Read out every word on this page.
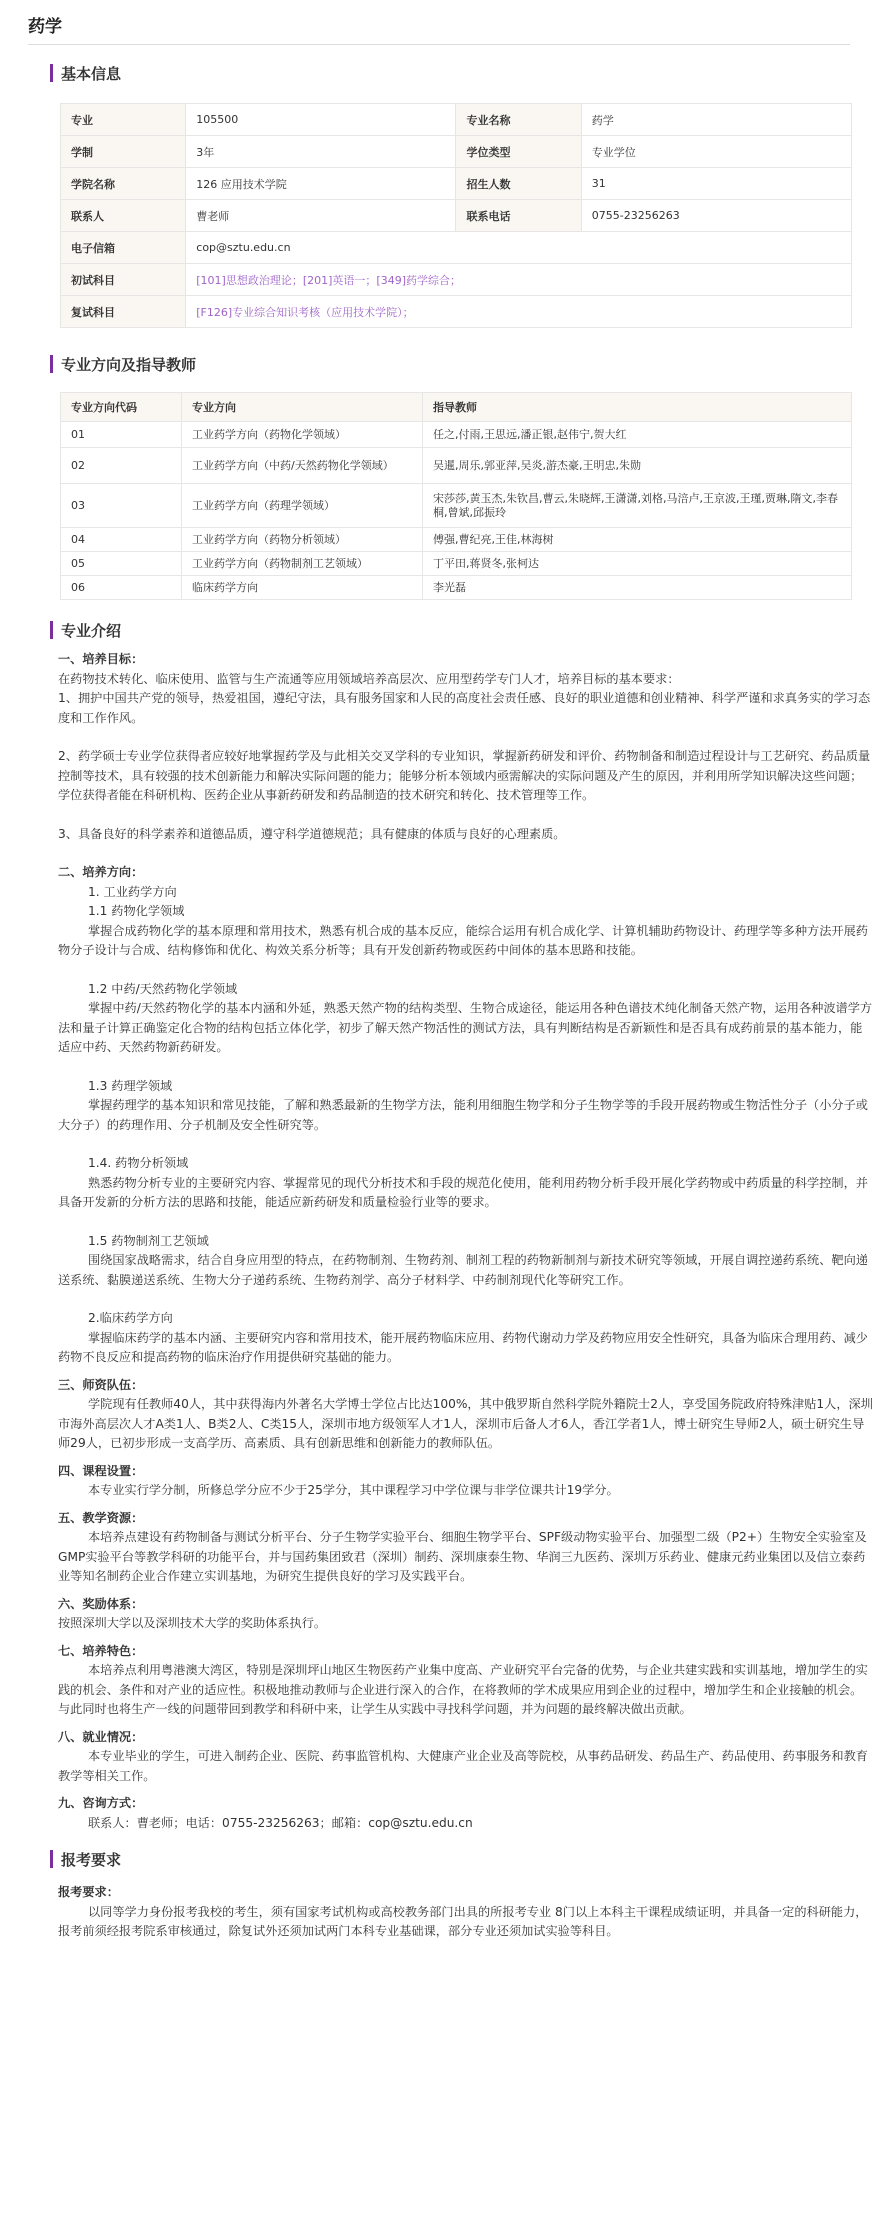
药学
基本信息
专业	105500	专业名称	药学
学制	3年	学位类型	专业学位
学院名称	126 应用技术学院	招生人数	31
联系人	曹老师	联系电话	0755-23256263
电子信箱	cop@sztu.edu.cn		
初试科目	[101]思想政治理论；[201]英语一；[349]药学综合；		
复试科目	[F126]专业综合知识考核（应用技术学院）；		
专业方向及指导教师
专业方向代码	专业方向	指导教师
01	工业药学方向（药物化学领域）	任之,付雨,王思远,潘正银,赵伟宁,贺大红
02	工业药学方向（中药/天然药物化学领域）	吴暹,周乐,郭亚萍,吴炎,游杰豪,王明忠,朱勋
03	工业药学方向（药理学领域）	宋莎莎,黄玉杰,朱钦昌,曹云,朱晓辉,王潇潇,刘格,马涪卢,王京波,王瑾,贾琳,隋文,李春桐,曾斌,邱振玲
04	工业药学方向（药物分析领域）	傅强,曹纪亮,王佳,林海树
05	工业药学方向（药物制剂工艺领域）	丁平田,蒋贤冬,张柯达
06	临床药学方向	李光磊
专业介绍

一、培养目标：

在药物技术转化、临床使用、监管与生产流通等应用领域培养高层次、应用型药学专门人才，培养目标的基本要求：

1、拥护中国共产党的领导，热爱祖国，遵纪守法，具有服务国家和人民的高度社会责任感、良好的职业道德和创业精神、科学严谨和求真务实的学习态度和工作作风。

2、药学硕士专业学位获得者应较好地掌握药学及与此相关交叉学科的专业知识，掌握新药研发和评价、药物制备和制造过程设计与工艺研究、药品质量控制等技术，具有较强的技术创新能力和解决实际问题的能力；能够分析本领域内亟需解决的实际问题及产生的原因，并利用所学知识解决这些问题；学位获得者能在科研机构、医药企业从事新药研发和药品制造的技术研究和转化、技术管理等工作。

3、具备良好的科学素养和道德品质，遵守科学道德规范；具有健康的体质与良好的心理素质。

二、培养方向：

1. 工业药学方向

1.1 药物化学领域

掌握合成药物化学的基本原理和常用技术，熟悉有机合成的基本反应，能综合运用有机合成化学、计算机辅助药物设计、药理学等多种方法开展药物分子设计与合成、结构修饰和优化、构效关系分析等；具有开发创新药物或医药中间体的基本思路和技能。

1.2 中药/天然药物化学领域

掌握中药/天然药物化学的基本内涵和外延，熟悉天然产物的结构类型、生物合成途径，能运用各种色谱技术纯化制备天然产物，运用各种波谱学方法和量子计算正确鉴定化合物的结构包括立体化学，初步了解天然产物活性的测试方法，具有判断结构是否新颖性和是否具有成药前景的基本能力，能适应中药、天然药物新药研发。

1.3 药理学领域

掌握药理学的基本知识和常见技能，了解和熟悉最新的生物学方法，能利用细胞生物学和分子生物学等的手段开展药物或生物活性分子（小分子或大分子）的药理作用、分子机制及安全性研究等。

1.4. 药物分析领域

熟悉药物分析专业的主要研究内容、掌握常见的现代分析技术和手段的规范化使用，能利用药物分析手段开展化学药物或中药质量的科学控制，并具备开发新的分析方法的思路和技能，能适应新药研发和质量检验行业等的要求。

1.5 药物制剂工艺领域

围绕国家战略需求，结合自身应用型的特点，在药物制剂、生物药剂、制剂工程的药物新制剂与新技术研究等领域，开展自调控递药系统、靶向递送系统、黏膜递送系统、生物大分子递药系统、生物药剂学、高分子材料学、中药制剂现代化等研究工作。

2.临床药学方向

掌握临床药学的基本内涵、主要研究内容和常用技术，能开展药物临床应用、药物代谢动力学及药物应用安全性研究，具备为临床合理用药、减少药物不良反应和提高药物的临床治疗作用提供研究基础的能力。

三、师资队伍：

学院现有任教师40人，其中获得海内外著名大学博士学位占比达100%，其中俄罗斯自然科学院外籍院士2人，享受国务院政府特殊津贴1人，深圳市海外高层次人才A类1人、B类2人、C类15人，深圳市地方级领军人才1人，深圳市后备人才6人，香江学者1人，博士研究生导师2人，硕士研究生导师29人，已初步形成一支高学历、高素质、具有创新思维和创新能力的教师队伍。

四、课程设置：

本专业实行学分制，所修总学分应不少于25学分，其中课程学习中学位课与非学位课共计19学分。

五、教学资源：

本培养点建设有药物制备与测试分析平台、分子生物学实验平台、细胞生物学平台、SPF级动物实验平台、加强型二级（P2+）生物安全实验室及GMP实验平台等教学科研的功能平台，并与国药集团致君（深圳）制药、深圳康泰生物、华润三九医药、深圳万乐药业、健康元药业集团以及信立泰药业等知名制药企业合作建立实训基地，为研究生提供良好的学习及实践平台。

六、奖励体系：

按照深圳大学以及深圳技术大学的奖助体系执行。

七、培养特色：

本培养点利用粤港澳大湾区，特别是深圳坪山地区生物医药产业集中度高、产业研究平台完备的优势，与企业共建实践和实训基地，增加学生的实践的机会、条件和对产业的适应性。积极地推动教师与企业进行深入的合作，在将教师的学术成果应用到企业的过程中，增加学生和企业接触的机会。与此同时也将生产一线的问题带回到教学和科研中来，让学生从实践中寻找科学问题，并为问题的最终解决做出贡献。

八、就业情况：

本专业毕业的学生，可进入制药企业、医院、药事监管机构、大健康产业企业及高等院校，从事药品研发、药品生产、药品使用、药事服务和教育教学等相关工作。

九、咨询方式：

联系人：曹老师；电话：0755-23256263；邮箱：cop@sztu.edu.cn

报考要求

报考要求：

以同等学力身份报考我校的考生，须有国家考试机构或高校教务部门出具的所报考专业 8门以上本科主干课程成绩证明，并具备一定的科研能力，报考前须经报考院系审核通过，除复试外还须加试两门本科专业基础课，部分专业还须加试实验等科目。
